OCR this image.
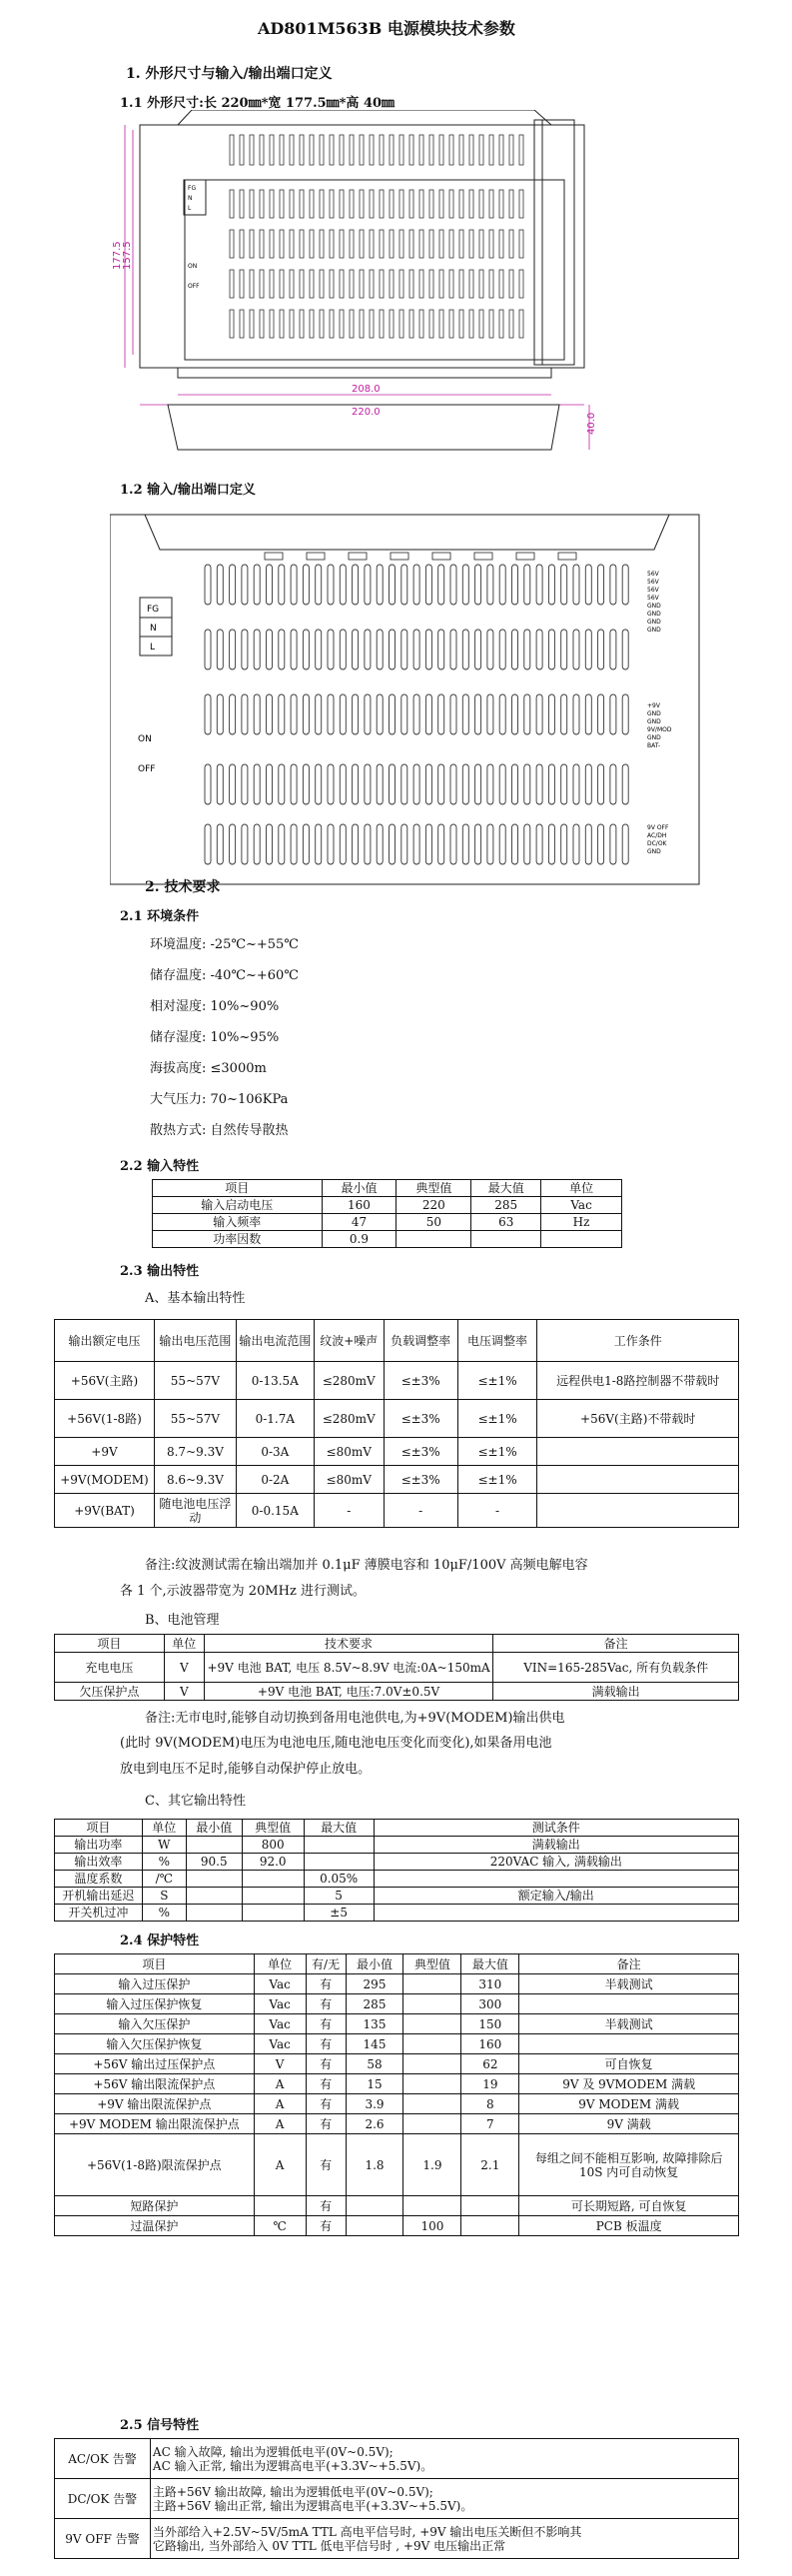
AD801M563B 电源模块技术参数
1. 外形尺寸与输入/输出端口定义
1.1 外形尺寸:长 220㎜*宽 177.5㎜*高 40㎜
FG
N
L
ON
OFF
177.5 157.5
208.0
220.0
40.0
1.2 输入/输出端口定义
FG
N
L
ON
OFF
56V
56V
56V
56V
GND
GND
GND
GND
+9V
GND
GND
9V/MOD
GND
BAT-
9V OFF
AC/DH
DC/OK
GND
2. 技术要求
2.1 环境条件
环境温度: -25℃~+55℃
储存温度: -40℃~+60℃
相对湿度: 10%~90%
储存湿度: 10%~95%
海拔高度: ≤3000m
大气压力: 70~106KPa
散热方式: 自然传导散热
2.2 输入特性
项目	最小值	典型值	最大值	单位
输入启动电压	160	220	285	Vac
输入频率	47	50	63	Hz
功率因数	0.9			
2.3 输出特性
A、基本输出特性
输出额定电压	输出电压范围	输出电流范围	纹波+噪声	负载调整率	电压调整率	工作条件
+56V(主路)	55~57V	0-13.5A	≤280mV	≤±3%	≤±1%	远程供电1-8路控制器不带载时
+56V(1-8路)	55~57V	0-1.7A	≤280mV	≤±3%	≤±1%	+56V(主路)不带载时
+9V	8.7~9.3V	0-3A	≤80mV	≤±3%	≤±1%	
+9V(MODEM)	8.6~9.3V	0-2A	≤80mV	≤±3%	≤±1%	
+9V(BAT)	随电池电压浮动	0-0.15A	-	-	-	
备注:纹波测试需在输出端加并 0.1μF 薄膜电容和 10μF/100V 高频电解电容
各 1 个,示波器带宽为 20MHz 进行测试。
B、电池管理
项目	单位	技术要求	备注
充电电压	V	+9V 电池 BAT, 电压 8.5V~8.9V 电流:0A~150mA	VIN=165-285Vac, 所有负载条件
欠压保护点	V	+9V 电池 BAT, 电压:7.0V±0.5V	满载输出
备注:无市电时,能够自动切换到备用电池供电,为+9V(MODEM)输出供电
(此时 9V(MODEM)电压为电池电压,随电池电压变化而变化),如果备用电池
放电到电压不足时,能够自动保护停止放电。
C、其它输出特性
项目	单位	最小值	典型值	最大值	测试条件
输出功率	W		800		满载输出
输出效率	%	90.5	92.0		220VAC 输入, 满载输出
温度系数	/℃			0.05%	
开机输出延迟	S			5	额定输入/输出
开关机过冲	%			±5	
2.4 保护特性
项目	单位	有/无	最小值	典型值	最大值	备注
输入过压保护	Vac	有	295		310	半载测试
输入过压保护恢复	Vac	有	285		300	
输入欠压保护	Vac	有	135		150	半载测试
输入欠压保护恢复	Vac	有	145		160	
+56V 输出过压保护点	V	有	58		62	可自恢复
+56V 输出限流保护点	A	有	15		19	9V 及 9VMODEM 满载
+9V 输出限流保护点	A	有	3.9		8	9V MODEM 满载
+9V MODEM 输出限流保护点	A	有	2.6		7	9V 满载
+56V(1-8路)限流保护点	A	有	1.8	1.9	2.1	每组之间不能相互影响, 故障排除后 10S 内可自动恢复
短路保护		有				可长期短路, 可自恢复
过温保护	℃	有		100		PCB 板温度
2.5 信号特性
AC/OK 告警	AC 输入故障, 输出为逻辑低电平(0V~0.5V);
AC 输入正常, 输出为逻辑高电平(+3.3V~+5.5V)。

DC/OK 告警	主路+56V 输出故障, 输出为逻辑低电平(0V~0.5V);
主路+56V 输出正常, 输出为逻辑高电平(+3.3V~+5.5V)。

9V OFF 告警	当外部给入+2.5V~5V/5mA TTL 高电平信号时, +9V 输出电压关断但不影响其
它路输出, 当外部给入 0V TTL 低电平信号时 , +9V 电压输出正常
